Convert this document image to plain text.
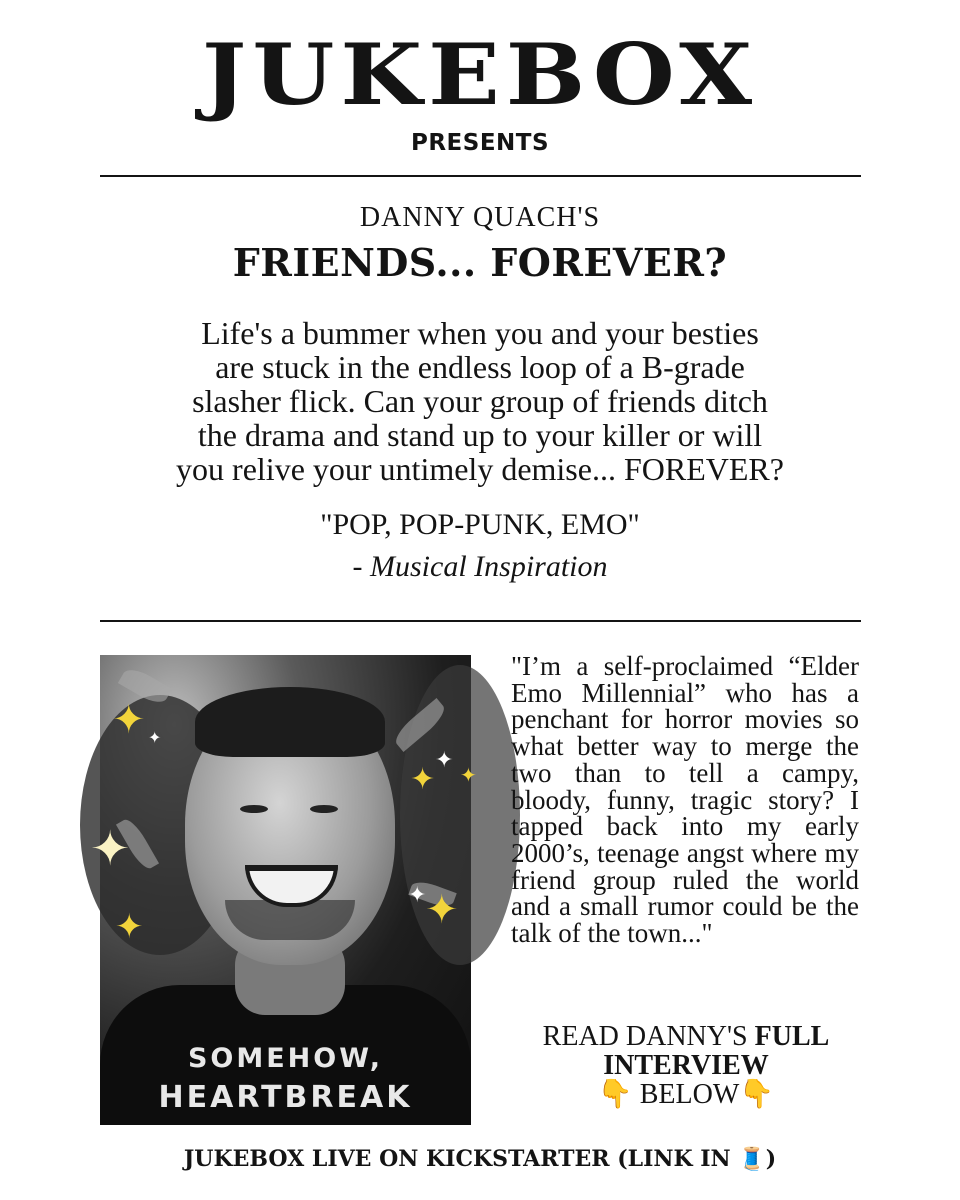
JUKEBOX
PRESENTS
DANNY QUACH'S
FRIENDS... FOREVER?
Life's a bummer when you and your besties
are stuck in the endless loop of a B-grade
slasher flick. Can your group of friends ditch
the drama and stand up to your killer or will
you relive your untimely demise... FOREVER?
"POP, POP-PUNK, EMO"
- Musical Inspiration
SOMEHOW,
HEARTBREAK
✦ ✦
✦
✦
✦
✦
✦	✦
✦
"I’m a self-proclaimed “Elder Emo Millennial” who has a penchant for horror movies so what better way to merge the two than to tell a campy, bloody, funny, tragic story? I tapped back into my early 2000’s, teenage angst where my friend group ruled the world and a small rumor could be the talk of the town..."
READ DANNY'S FULL
INTERVIEW
👇 BELOW👇
JUKEBOX LIVE ON KICKSTARTER (LINK IN 🧵)
